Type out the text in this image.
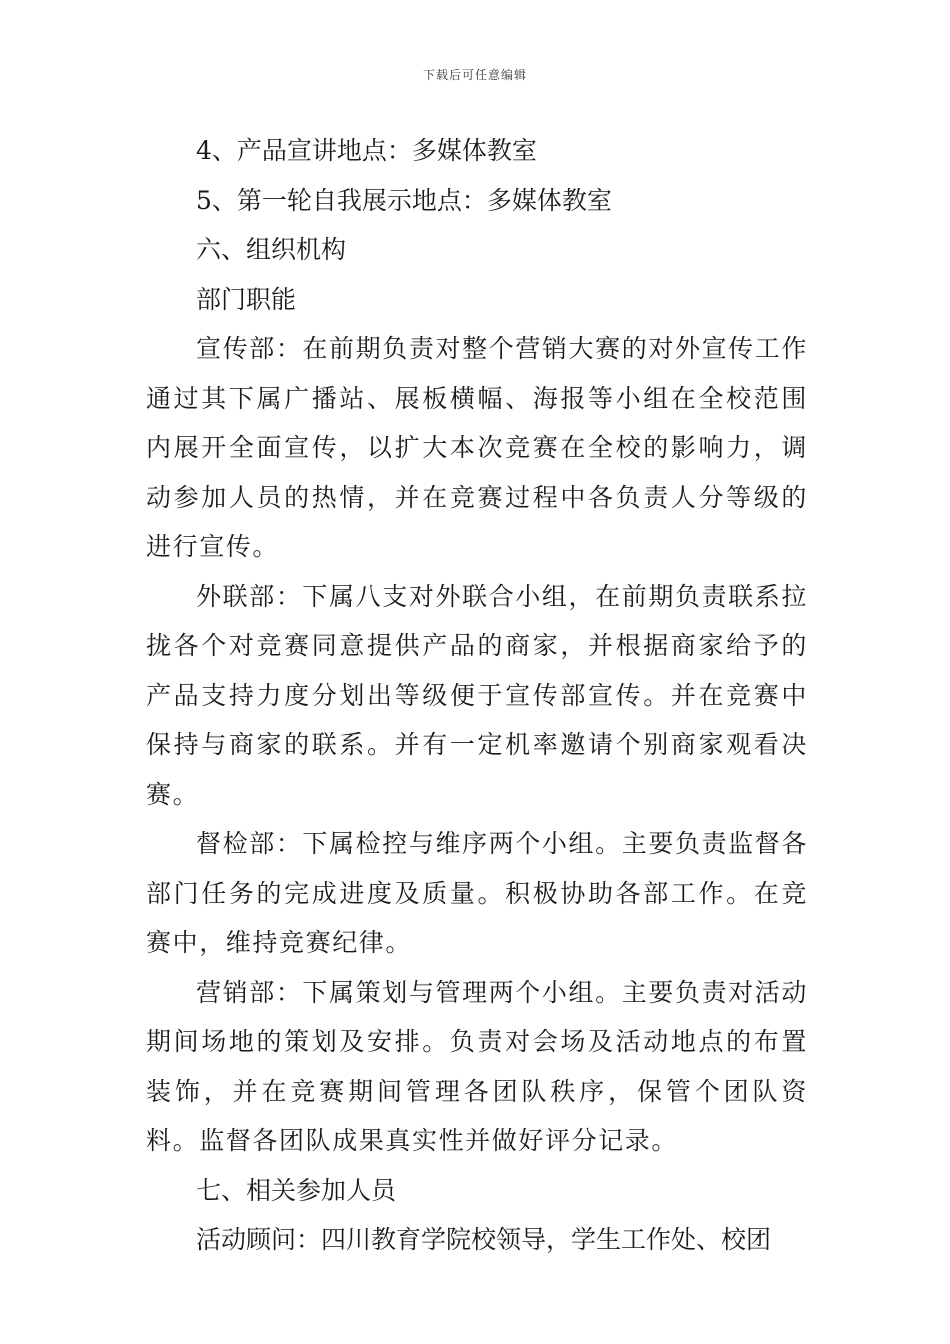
下载后可任意编辑

4、产品宣讲地点：多媒体教室

5、第一轮自我展示地点：多媒体教室

六、组织机构

部门职能

宣传部：在前期负责对整个营销大赛的对外宣传工作通过其下属广播站、展板横幅、海报等小组在全校范围内展开全面宣传，以扩大本次竞赛在全校的影响力，调动参加人员的热情，并在竞赛过程中各负责人分等级的进行宣传。

外联部：下属八支对外联合小组，在前期负责联系拉拢各个对竞赛同意提供产品的商家，并根据商家给予的产品支持力度分划出等级便于宣传部宣传。并在竞赛中保持与商家的联系。并有一定机率邀请个别商家观看决赛。

督检部：下属检控与维序两个小组。主要负责监督各部门任务的完成进度及质量。积极协助各部工作。在竞赛中，维持竞赛纪律。

营销部：下属策划与管理两个小组。主要负责对活动期间场地的策划及安排。负责对会场及活动地点的布置装饰，并在竞赛期间管理各团队秩序，保管个团队资料。监督各团队成果真实性并做好评分记录。

七、相关参加人员

活动顾问：四川教育学院校领导，学生工作处、校团
